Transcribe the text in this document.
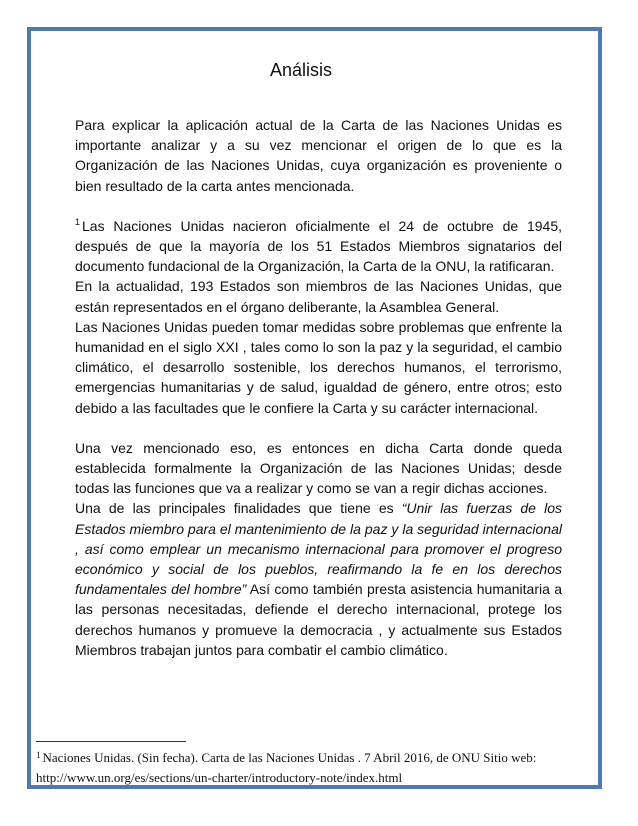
Análisis

Para explicar la aplicación actual de la Carta de las Naciones Unidas es importante analizar y a su vez mencionar el origen de lo que es la Organización de las Naciones Unidas, cuya organización es proveniente o bien resultado de la carta antes mencionada.

$^1$ Las Naciones Unidas nacieron oficialmente el 24 de octubre de 1945, después de que la mayoría de los 51 Estados Miembros signatarios del documento fundacional de la Organización, la Carta de la ONU, la ratificaran.

En la actualidad, 193 Estados son miembros de las Naciones Unidas, que están representados en el órgano deliberante, la Asamblea General.

Las Naciones Unidas pueden tomar medidas sobre problemas que enfrente la humanidad en el siglo XXI , tales como lo son la paz y la seguridad, el cambio climático, el desarrollo sostenible, los derechos humanos, el terrorismo, emergencias humanitarias y de salud, igualdad de género, entre otros; esto debido a las facultades que le confiere la Carta y su carácter internacional.

Una vez mencionado eso, es entonces en dicha Carta donde queda establecida formalmente la Organización de las Naciones Unidas; desde todas las funciones que va a realizar y como se van a regir dichas acciones.

Una de las principales finalidades que tiene es “Unir las fuerzas de los Estados miembro para el mantenimiento de la paz y la seguridad internacional , así como emplear un mecanismo internacional para promover el progreso económico y social de los pueblos, reafirmando la fe en los derechos fundamentales del hombre” Así como también presta asistencia humanitaria a las personas necesitadas, defiende el derecho internacional, protege los derechos humanos y promueve la democracia , y actualmente sus Estados Miembros trabajan juntos para combatir el cambio climático.

$^1$ Naciones Unidas. (Sin fecha). Carta de las Naciones Unidas . 7 Abril 2016, de ONU Sitio web: http://www.un.org/es/sections/un-charter/introductory-note/index.html
